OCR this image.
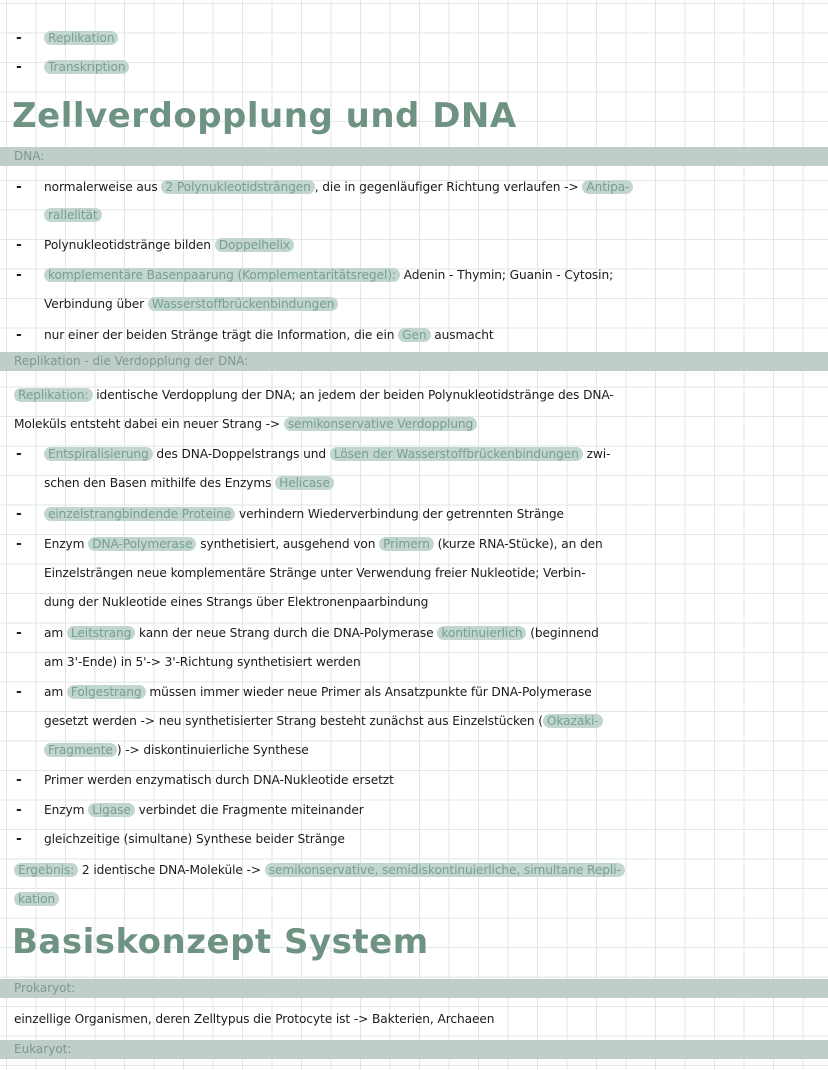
-	Replikation
-	Transkription
Zellverdopplung und DNA
DNA:
- normalerweise aus 2 Polynukleotidsträngen , die in gegenläufiger Richtung verlaufen -> Antipa-
rallelität
- Polynukleotidstränge bilden Doppelhelix
-	komplementäre Basenpaarung (Komplementaritätsregel): Adenin - Thymin; Guanin - Cytosin;
Verbindung über Wasserstoffbrückenbindungen
- nur einer der beiden Stränge trägt die Information, die ein Gen ausmacht
Replikation - die Verdopplung der DNA:
Replikation: identische Verdopplung der DNA; an jedem der beiden Polynukleotidstränge des DNA-
Moleküls entsteht dabei ein neuer Strang -> semikonservative Verdopplung
-	Entspiralisierung des DNA-Doppelstrangs und Lösen der Wasserstoffbrückenbindungen zwi-
schen den Basen mithilfe des Enzyms Helicase
-	einzelstrangbindende Proteine verhindern Wiederverbindung der getrennten Stränge
- Enzym DNA-Polymerase synthetisiert, ausgehend von Primern (kurze RNA-Stücke), an den
Einzelsträngen neue komplementäre Stränge unter Verwendung freier Nukleotide; Verbin-
dung der Nukleotide eines Strangs über Elektronenpaarbindung
- am Leitstrang kann der neue Strang durch die DNA-Polymerase kontinuierlich (beginnend
am 3'-Ende) in 5'-> 3'-Richtung synthetisiert werden
- am Folgestrang müssen immer wieder neue Primer als Ansatzpunkte für DNA-Polymerase
gesetzt werden -> neu synthetisierter Strang besteht zunächst aus Einzelstücken ( Okazaki-
Fragmente ) -> diskontinuierliche Synthese
- Primer werden enzymatisch durch DNA-Nukleotide ersetzt
- Enzym Ligase verbindet die Fragmente miteinander
- gleichzeitige (simultane) Synthese beider Stränge
Ergebnis: 2 identische DNA-Moleküle -> semikonservative, semidiskontinuierliche, simultane Repli-
kation
Basiskonzept System
Prokaryot:
einzellige Organismen, deren Zelltypus die Protocyte ist -> Bakterien, Archaeen
Eukaryot:
